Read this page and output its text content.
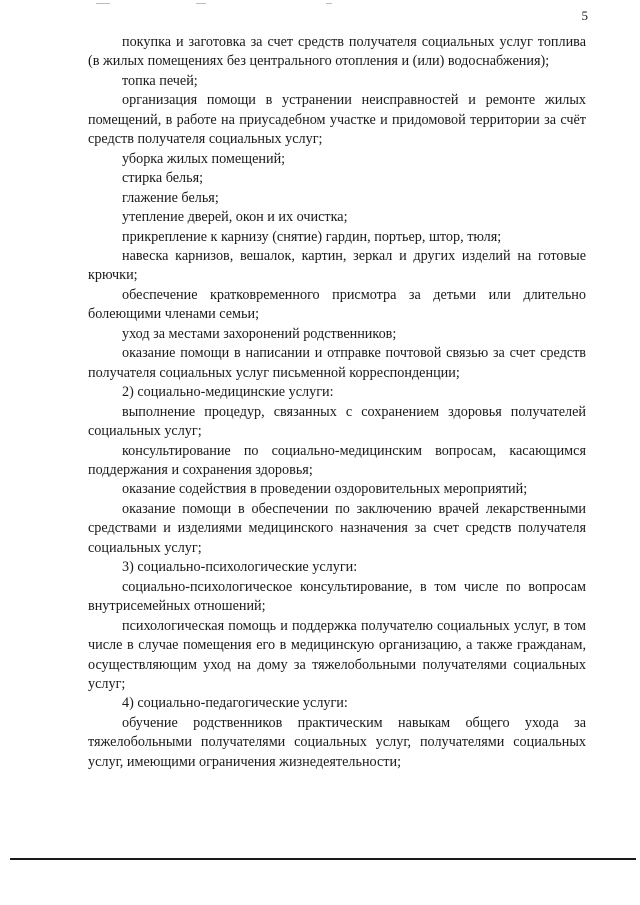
5

покупка и заготовка за счет средств получателя социальных услуг топлива (в жилых помещениях без центрального отопления и (или) водоснабжения);

топка печей;

организация помощи в устранении неисправностей и ремонте жилых помещений, в работе на приусадебном участке и придомовой территории за счёт средств получателя социальных услуг;

уборка жилых помещений;

стирка белья;

глажение белья;

утепление дверей, окон и их очистка;

прикрепление к карнизу (снятие) гардин, портьер, штор, тюля;

навеска карнизов, вешалок, картин, зеркал и других изделий на готовые крючки;

обеспечение кратковременного присмотра за детьми или длительно болеющими членами семьи;

уход за местами захоронений родственников;

оказание помощи в написании и отправке почтовой связью за счет средств получателя социальных услуг письменной корреспонденции;

2) социально-медицинские услуги:

выполнение процедур, связанных с сохранением здоровья получателей социальных услуг;

консультирование по социально-медицинским вопросам, касающимся поддержания и сохранения здоровья;

оказание содействия в проведении оздоровительных мероприятий;

оказание помощи в обеспечении по заключению врачей лекарственными средствами и изделиями медицинского назначения за счет средств получателя социальных услуг;

3) социально-психологические услуги:

социально-психологическое консультирование, в том числе по вопросам внутрисемейных отношений;

психологическая помощь и поддержка получателю социальных услуг, в том числе в случае помещения его в медицинскую организацию, а также гражданам, осуществляющим уход на дому за тяжелобольными получателями социальных услуг;

4) социально-педагогические услуги:

обучение родственников практическим навыкам общего ухода за тяжелобольными получателями социальных услуг, получателями социальных услуг, имеющими ограничения жизнедеятельности;
